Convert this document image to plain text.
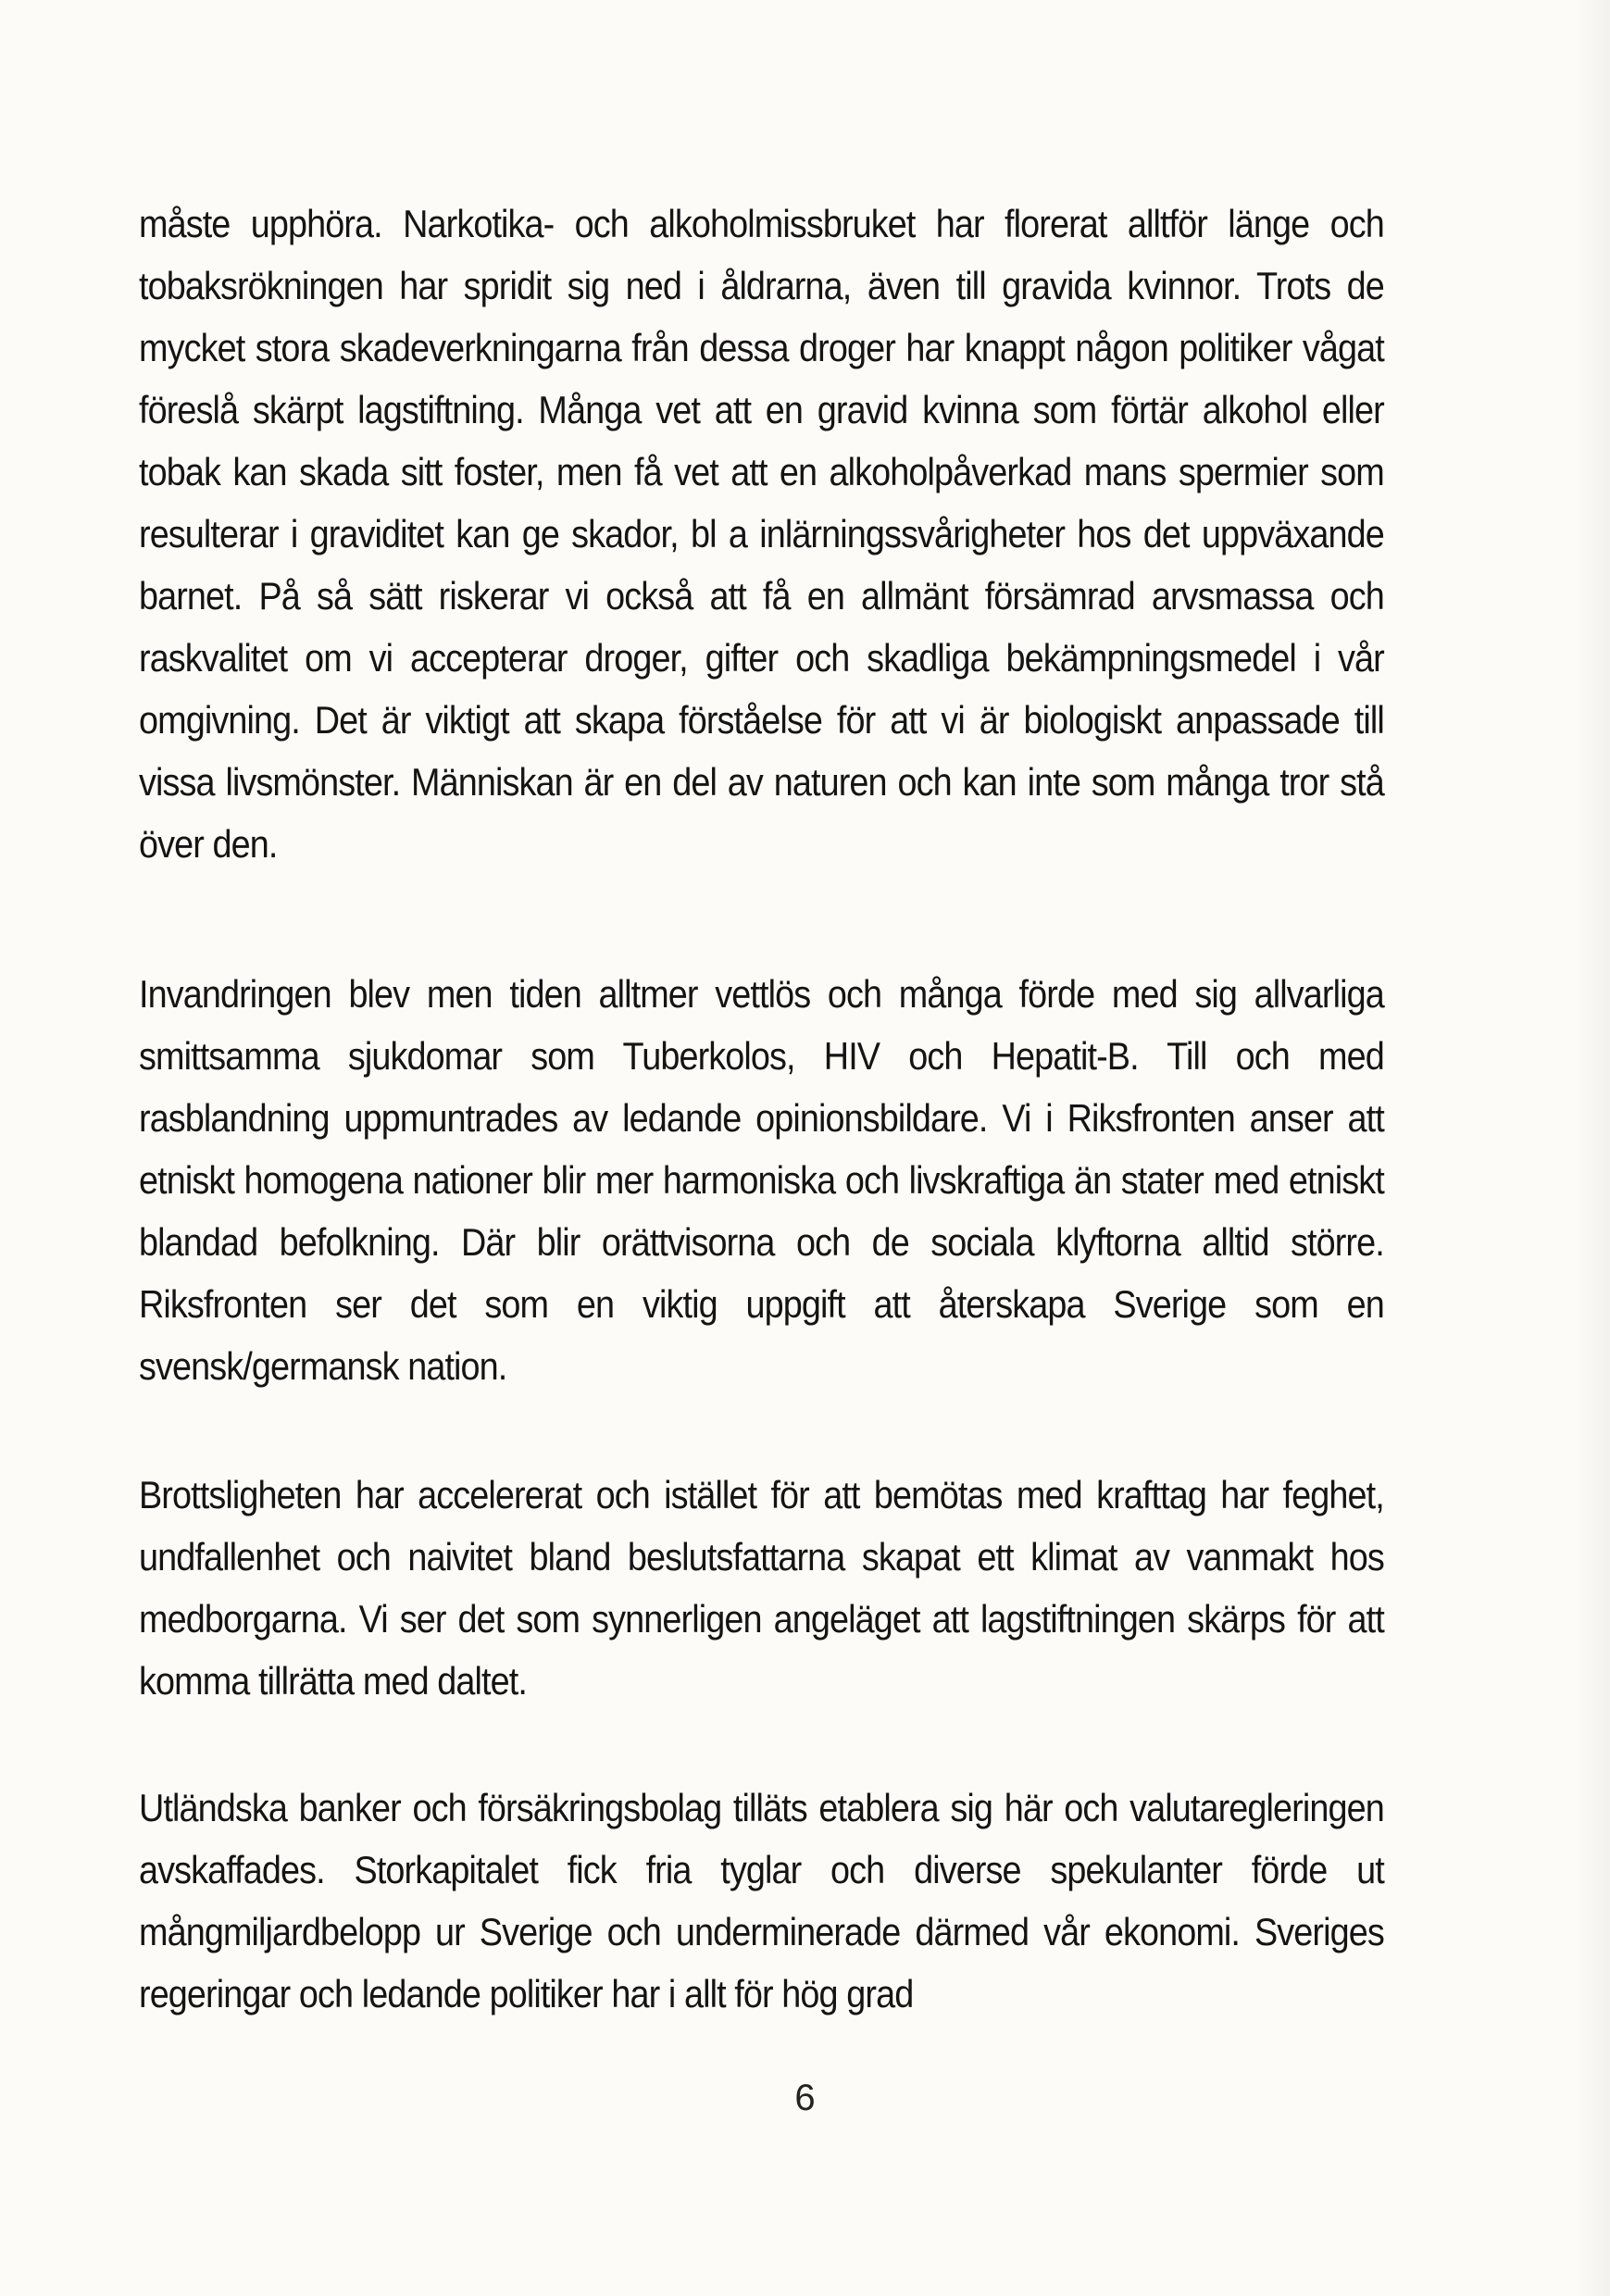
måste upphöra. Narkotika- och alkoholmissbruket har florerat alltför länge och tobaksrökningen har spridit sig ned i åldrarna, även till gravida kvinnor. Trots de mycket stora skadeverkningarna från dessa droger har knappt någon politiker vågat föreslå skärpt lagstiftning. Många vet att en gravid kvinna som förtär alkohol eller tobak kan skada sitt foster, men få vet att en alkoholpåverkad mans spermier som resulterar i graviditet kan ge skador, bl a inlärningssvårigheter hos det uppväxande barnet. På så sätt riskerar vi också att få en allmänt försämrad arvsmassa och raskvalitet om vi accepterar droger, gifter och skadliga bekämpningsmedel i vår omgivning. Det är viktigt att skapa förståelse för att vi är biologiskt anpassade till vissa livsmönster. Människan är en del av naturen och kan inte som många tror stå över den.

Invandringen blev men tiden alltmer vettlös och många förde med sig allvarliga smittsamma sjukdomar som Tuberkolos, HIV och Hepatit-B. Till och med rasblandning uppmuntrades av ledande opinionsbildare. Vi i Riksfronten anser att etniskt homogena nationer blir mer harmoniska och livskraftiga än stater med etniskt blandad befolkning. Där blir orättvisorna och de sociala klyftorna alltid större. Riksfronten ser det som en viktig uppgift att återskapa Sverige som en svensk/germansk nation.

Brottsligheten har accelererat och istället för att bemötas med krafttag har feghet, undfallenhet och naivitet bland beslutsfattarna skapat ett klimat av vanmakt hos medborgarna. Vi ser det som synnerligen angeläget att lagstiftningen skärps för att komma tillrätta med daltet.

Utländska banker och försäkringsbolag tilläts etablera sig här och valutaregleringen avskaffades. Storkapitalet fick fria tyglar och diverse spekulanter förde ut mångmiljardbelopp ur Sverige och underminerade därmed vår ekonomi. Sveriges regeringar och ledande politiker har i allt för hög grad

6
